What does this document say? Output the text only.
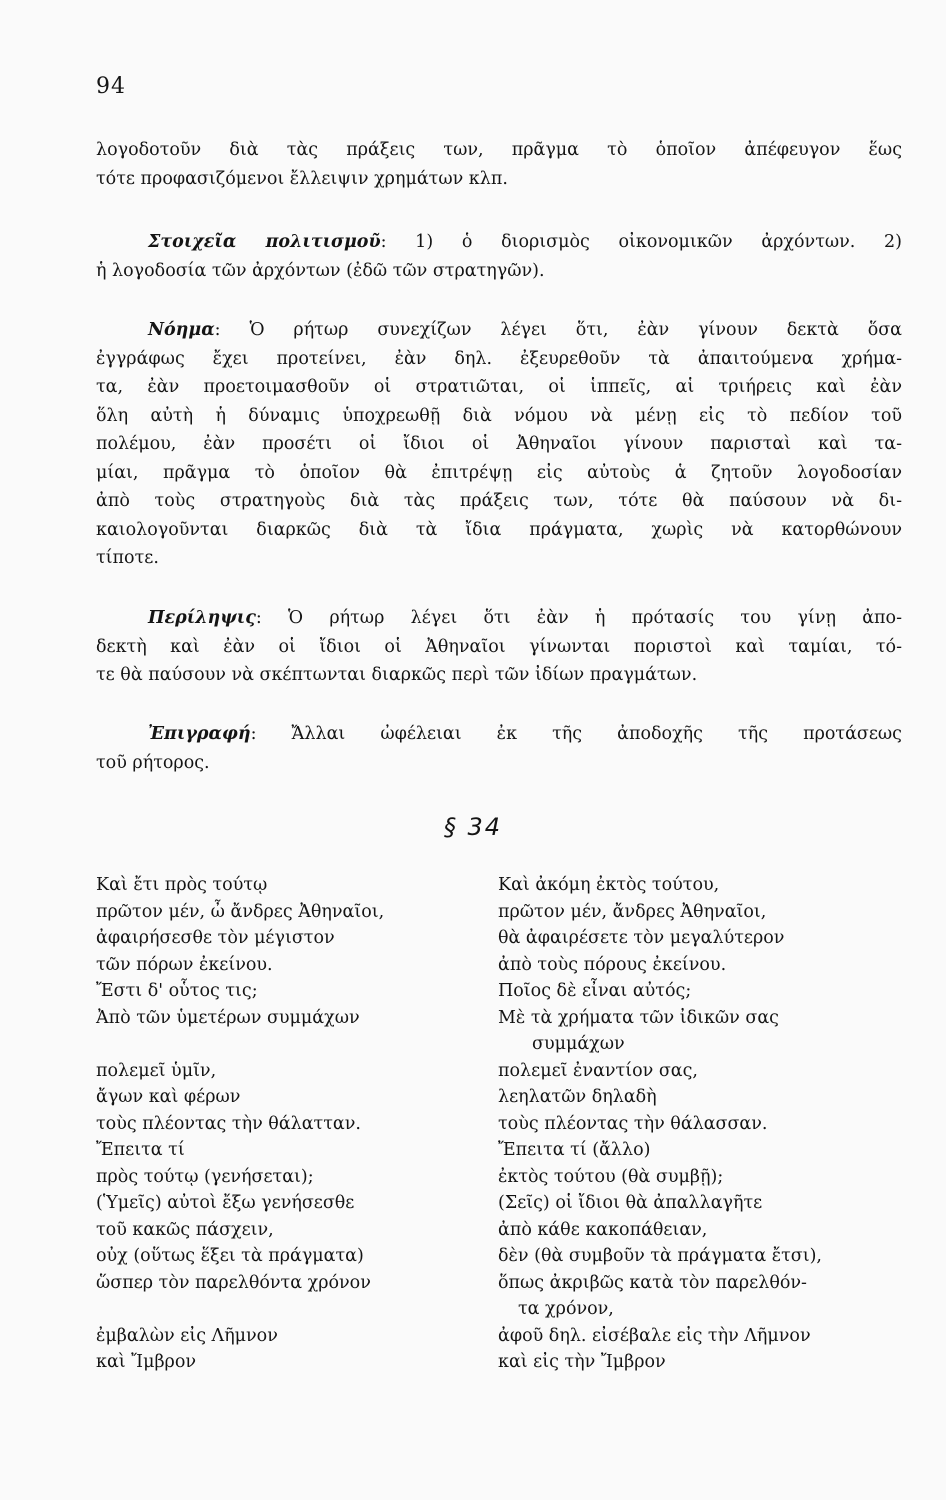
94
λογοδοτοῦν διὰ τὰς πράξεις των, πρᾶγμα τὸ ὁποῖον ἀπέφευγον ἕως
τότε προφασιζόμενοι ἔλλειψιν χρημάτων κλπ.
Στοιχεῖα πολιτισμοῦ: 1) ὁ διορισμὸς οἰκονομικῶν ἀρχόντων. 2)
ἡ λογοδοσία τῶν ἀρχόντων (ἐδῶ τῶν στρατηγῶν).
Νόημα: Ὁ ρήτωρ συνεχίζων λέγει ὅτι, ἐὰν γίνουν δεκτὰ ὅσα
ἐγγράφως ἔχει προτείνει, ἐὰν δηλ. ἐξευρεθοῦν τὰ ἀπαιτούμενα χρήμα-
τα, ἐὰν προετοιμασθοῦν οἱ στρατιῶται, οἱ ἱππεῖς, αἱ τριήρεις καὶ ἐὰν
ὅλη αὐτὴ ἡ δύναμις ὑποχρεωθῇ διὰ νόμου νὰ μένῃ εἰς τὸ πεδίον τοῦ
πολέμου, ἐὰν προσέτι οἱ ἴδιοι οἱ Ἀθηναῖοι γίνουν παρισταὶ καὶ τα-
μίαι, πρᾶγμα τὸ ὁποῖον θὰ ἐπιτρέψῃ εἰς αὐτοὺς ἁ ζητοῦν λογοδοσίαν
ἀπὸ τοὺς στρατηγοὺς διὰ τὰς πράξεις των, τότε θὰ παύσουν νὰ δι-
καιολογοῦνται διαρκῶς διὰ τὰ ἴδια πράγματα, χωρὶς νὰ κατορθώνουν
τίποτε.
Περίληψις: Ὁ ρήτωρ λέγει ὅτι ἐὰν ἡ πρότασίς του γίνῃ ἀπο-
δεκτὴ καὶ ἐὰν οἱ ἴδιοι οἱ Ἀθηναῖοι γίνωνται ποριστοὶ καὶ ταμίαι, τό-
τε θὰ παύσουν νὰ σκέπτωνται διαρκῶς περὶ τῶν ἰδίων πραγμάτων.
Ἐπιγραφή: Ἄλλαι ὠφέλειαι ἐκ τῆς ἀποδοχῆς τῆς προτάσεως
τοῦ ρήτορος.
§ 34
Καὶ ἔτι πρὸς τούτῳ
πρῶτον μέν, ὦ ἄνδρες Ἀθηναῖοι,
ἀφαιρήσεσθε τὸν μέγιστον
τῶν πόρων ἐκείνου.
Ἔστι δ' οὗτος τις;
Ἀπὸ τῶν ὑμετέρων συμμάχων
πολεμεῖ ὑμῖν,
ἄγων καὶ φέρων
τοὺς πλέοντας τὴν θάλατταν.
Ἔπειτα τί
πρὸς τούτῳ (γενήσεται);
(Ὑμεῖς) αὐτοὶ ἔξω γενήσεσθε
τοῦ κακῶς πάσχειν,
οὐχ (οὕτως ἕξει τὰ πράγματα)
ὥσπερ τὸν παρελθόντα χρόνον
ἐμβαλὼν εἰς Λῆμνον
καὶ Ἴμβρον
Καὶ ἀκόμη ἐκτὸς τούτου,
πρῶτον μέν, ἄνδρες Ἀθηναῖοι,
θὰ ἀφαιρέσετε τὸν μεγαλύτερον
ἀπὸ τοὺς πόρους ἐκείνου.
Ποῖος δὲ εἶναι αὐτός;
Μὲ τὰ χρήματα τῶν ἰδικῶν σας
συμμάχων
πολεμεῖ ἐναντίον σας,
λεηλατῶν δηλαδὴ
τοὺς πλέοντας τὴν θάλασσαν.
Ἔπειτα τί (ἄλλο)
ἐκτὸς τούτου (θὰ συμβῇ);
(Σεῖς) οἱ ἴδιοι θὰ ἀπαλλαγῆτε
ἀπὸ κάθε κακοπάθειαν,
δὲν (θὰ συμβοῦν τὰ πράγματα ἔτσι),
ὅπως ἀκριβῶς κατὰ τὸν παρελθόν-
τα χρόνον,
ἀφοῦ δηλ. εἰσέβαλε εἰς τὴν Λῆμνον
καὶ εἰς τὴν Ἴμβρον
